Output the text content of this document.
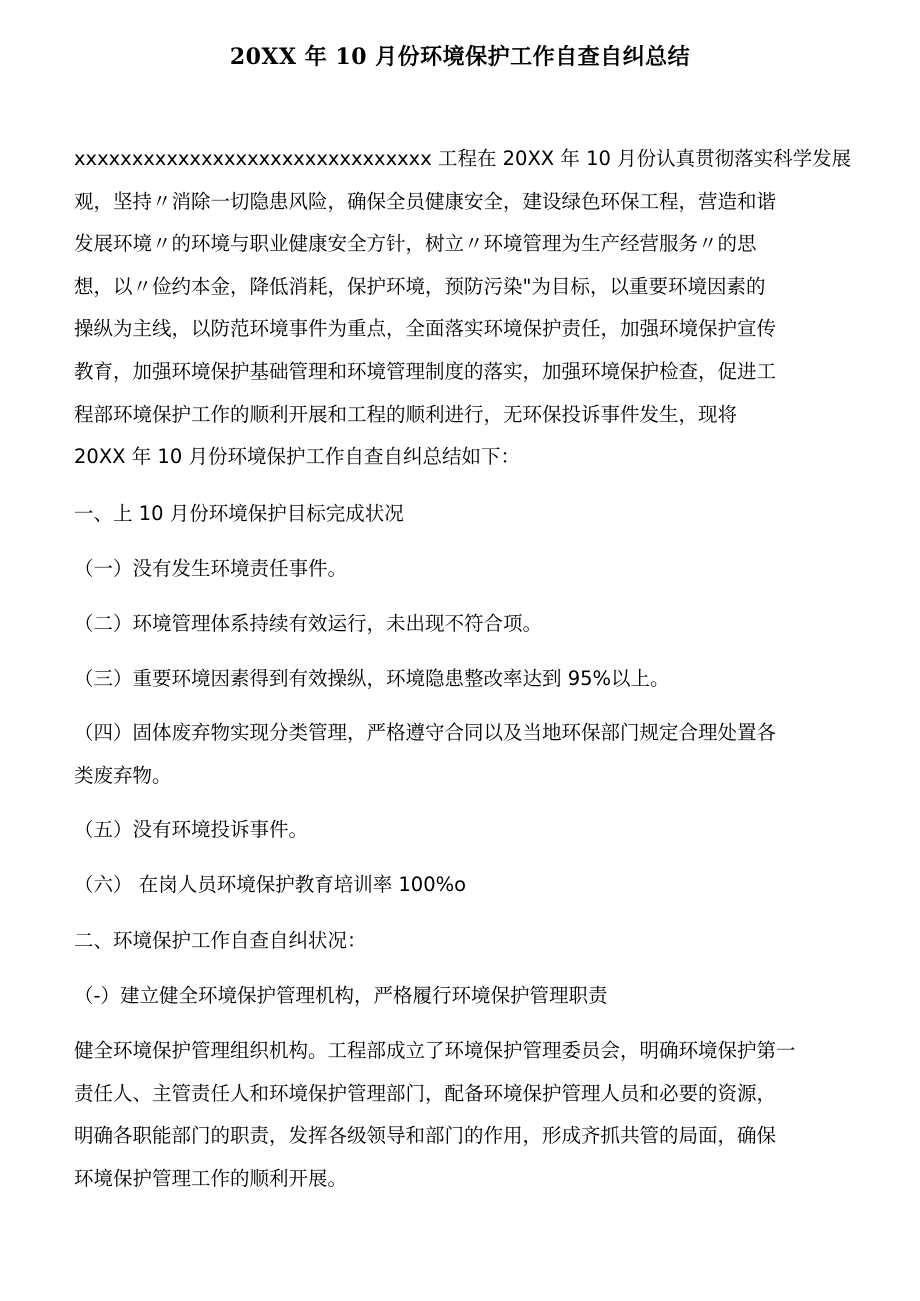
20XX 年 10 月份环境保护工作自查自纠总结
xxxxxxxxxxxxxxxxxxxxxxxxxxxxxxx 工程在 20XX 年 10 月份认真贯彻落实科学发展
观，坚持〃消除一切隐患风险，确保全员健康安全，建设绿色环保工程，营造和谐
发展环境〃的环境与职业健康安全方针，树立〃环境管理为生产经营服务〃的思
想，以〃俭约本金，降低消耗，保护环境，预防污染"为目标，以重要环境因素的
操纵为主线，以防范环境事件为重点，全面落实环境保护责任，加强环境保护宣传
教育，加强环境保护基础管理和环境管理制度的落实，加强环境保护检查，促进工
程部环境保护工作的顺利开展和工程的顺利进行，无环保投诉事件发生，现将
20XX 年 10 月份环境保护工作自查自纠总结如下：
一、上 10 月份环境保护目标完成状况
（一）没有发生环境责任事件。
（二）环境管理体系持续有效运行，未出现不符合项。
（三）重要环境因素得到有效操纵，环境隐患整改率达到 95%以上。
（四）固体废弃物实现分类管理，严格遵守合同以及当地环保部门规定合理处置各
类废弃物。
（五）没有环境投诉事件。
（六） 在岗人员环境保护教育培训率 100%o
二、环境保护工作自查自纠状况：
（-）建立健全环境保护管理机构，严格履行环境保护管理职责
健全环境保护管理组织机构。工程部成立了环境保护管理委员会，明确环境保护第一
责任人、主管责任人和环境保护管理部门，配备环境保护管理人员和必要的资源，
明确各职能部门的职责，发挥各级领导和部门的作用，形成齐抓共管的局面，确保
环境保护管理工作的顺利开展。
